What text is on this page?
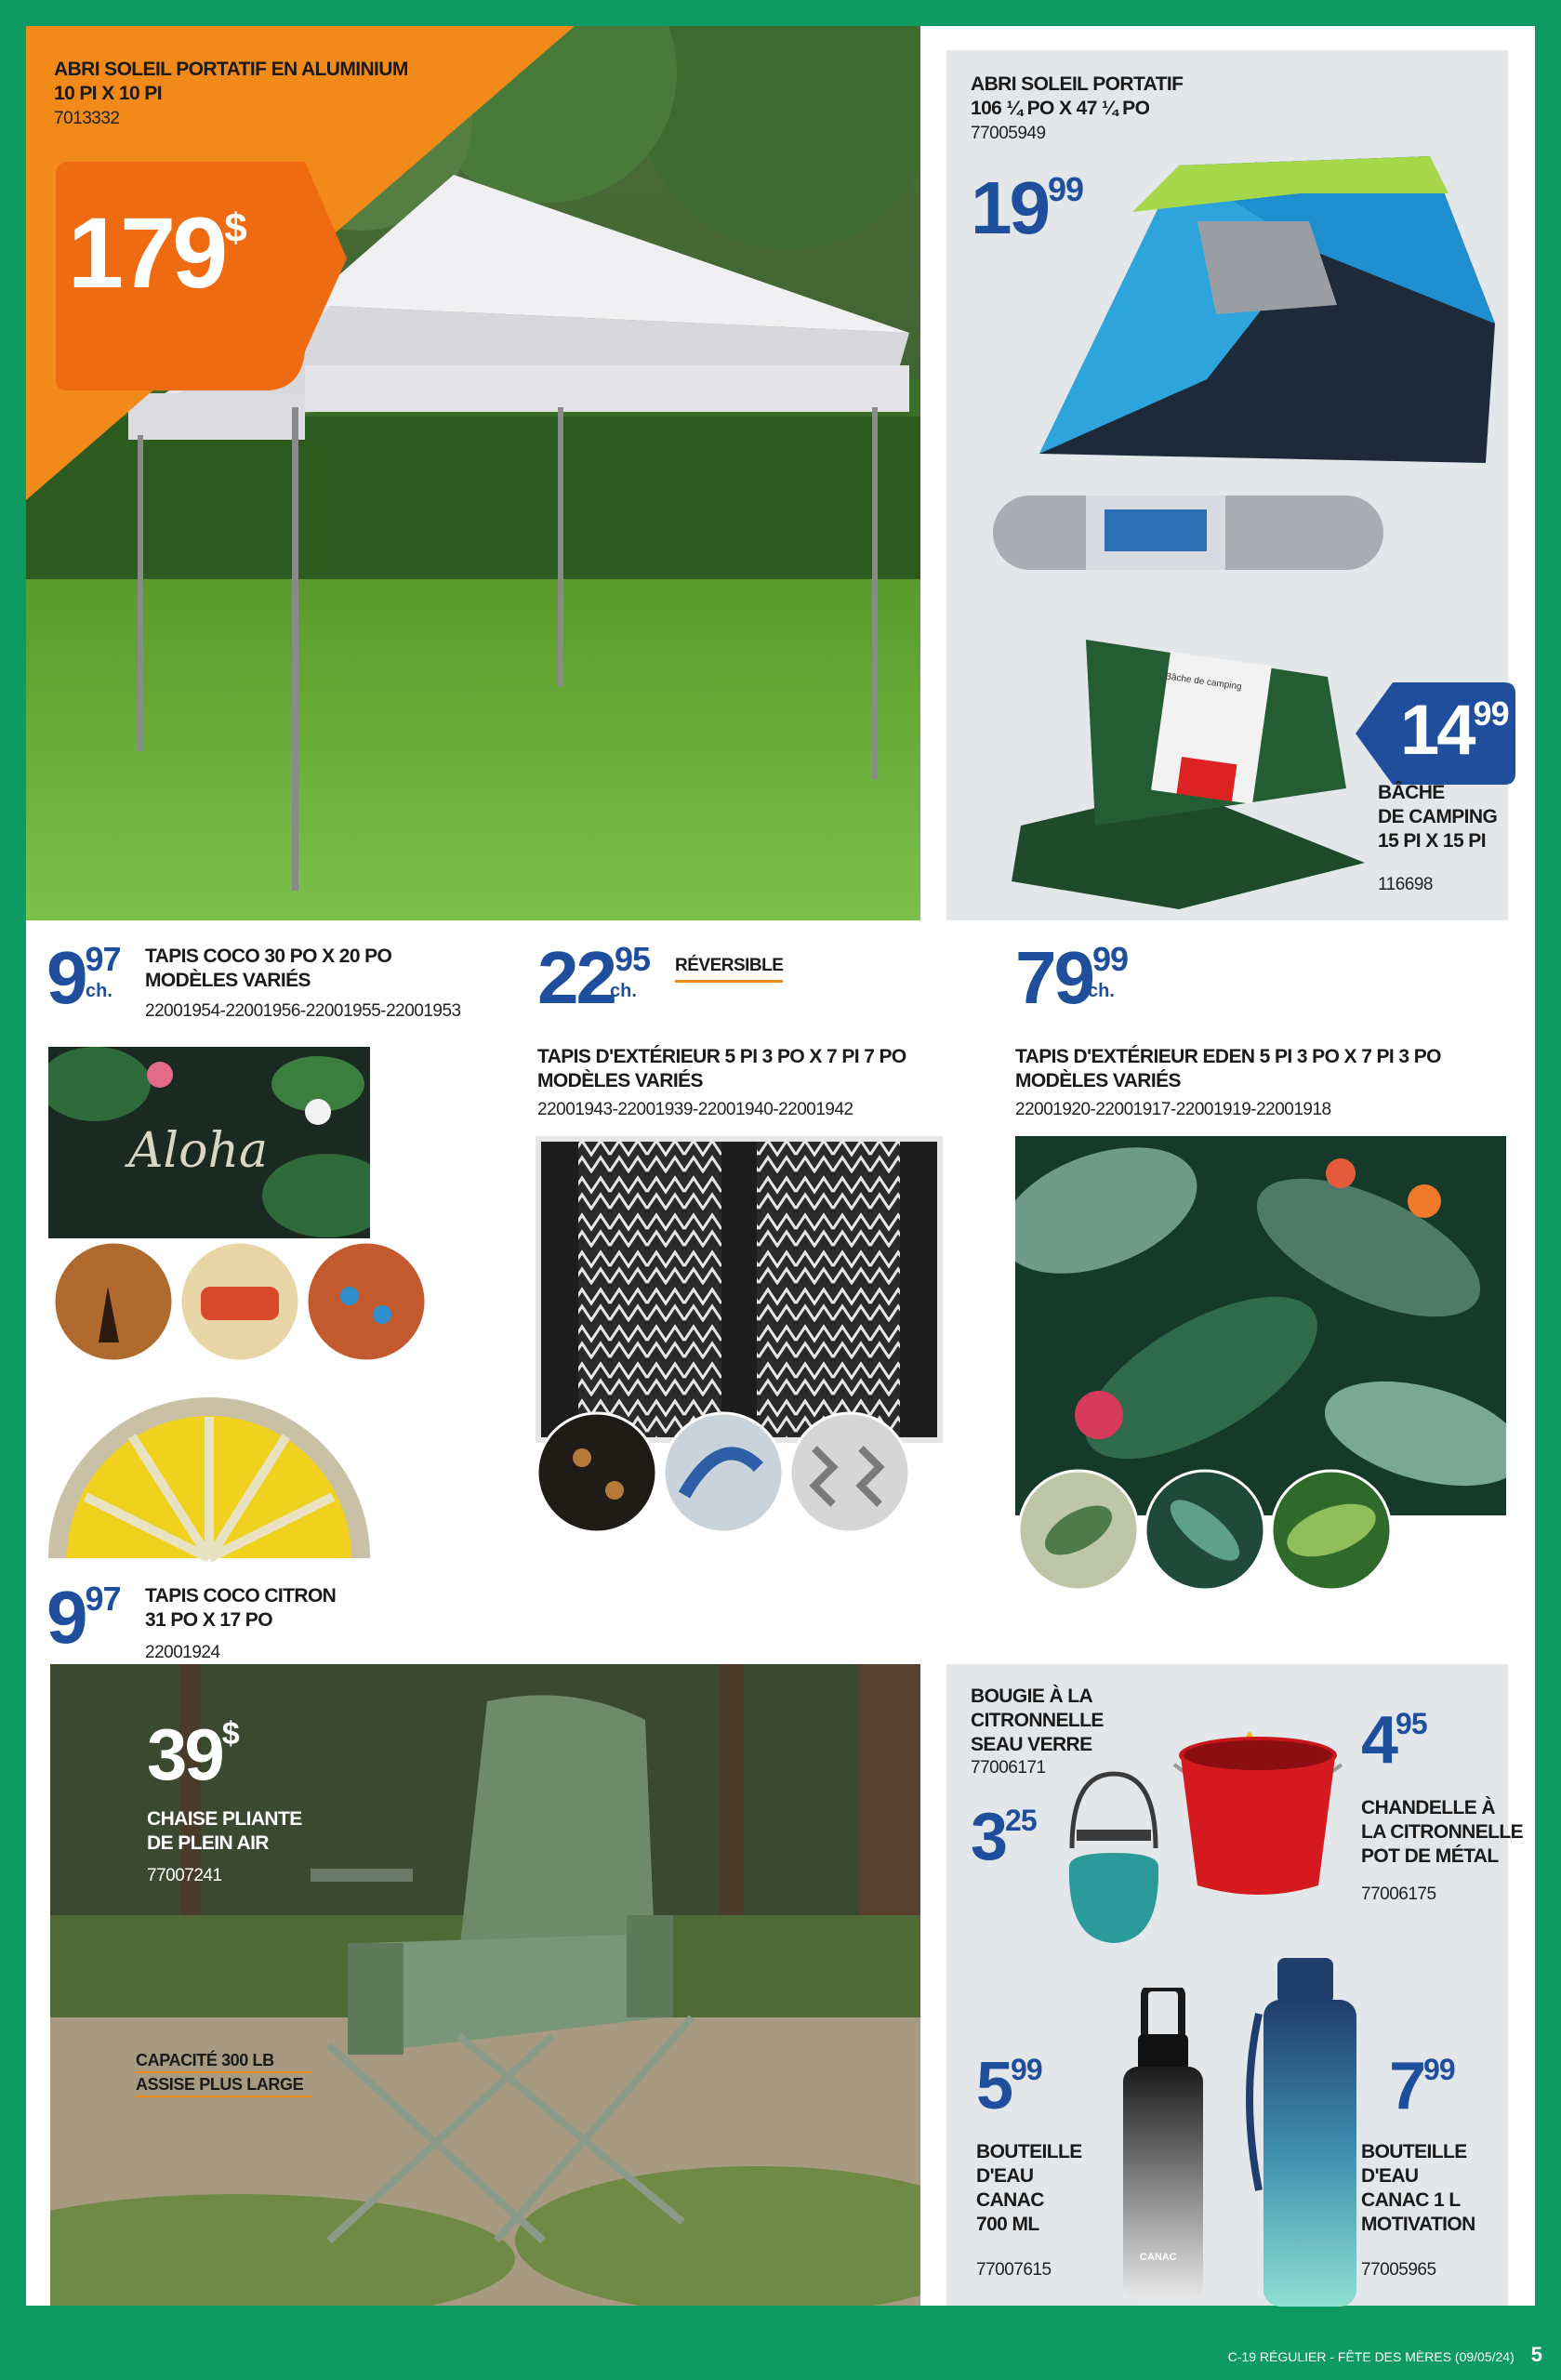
ABRI SOLEIL PORTATIF EN ALUMINIUM
10 PI X 10 PI
7013332
179$
ABRI SOLEIL PORTATIF
106 ¼ PO X 47 ¼ PO
77005949
1999
Bâche de camping
1499
BÂCHE
DE CAMPING
15 PI X 15 PI
116698
997
ch.
TAPIS COCO 30 PO X 20 PO
MODÈLES VARIÉS
22001954-22001956-22001955-22001953
Aloha
997 TAPIS COCO CITRON
31 PO X 17 PO
22001924
2295
ch.
RÉVERSIBLE
TAPIS D'EXTÉRIEUR 5 PI 3 PO X 7 PI 7 PO
MODÈLES VARIÉS
22001943-22001939-22001940-22001942
7999
ch.
TAPIS D'EXTÉRIEUR EDEN 5 PI 3 PO X 7 PI 3 PO
MODÈLES VARIÉS
22001920-22001917-22001919-22001918
39$
CHAISE PLIANTE
DE PLEIN AIR
77007241
CAPACITÉ 300 LB
ASSISE PLUS LARGE
BOUGIE À LA
CITRONNELLE
SEAU VERRE
77006171
325
495
CHANDELLE À
LA CITRONNELLE
POT DE MÉTAL
77006175
599
BOUTEILLE
D'EAU
CANAC
700 ML
77007615
CANAC
799
BOUTEILLE
D'EAU
CANAC 1 L
MOTIVATION
77005965
C-19 RÉGULIER - FÊTE DES MÈRES (09/05/24) 5
